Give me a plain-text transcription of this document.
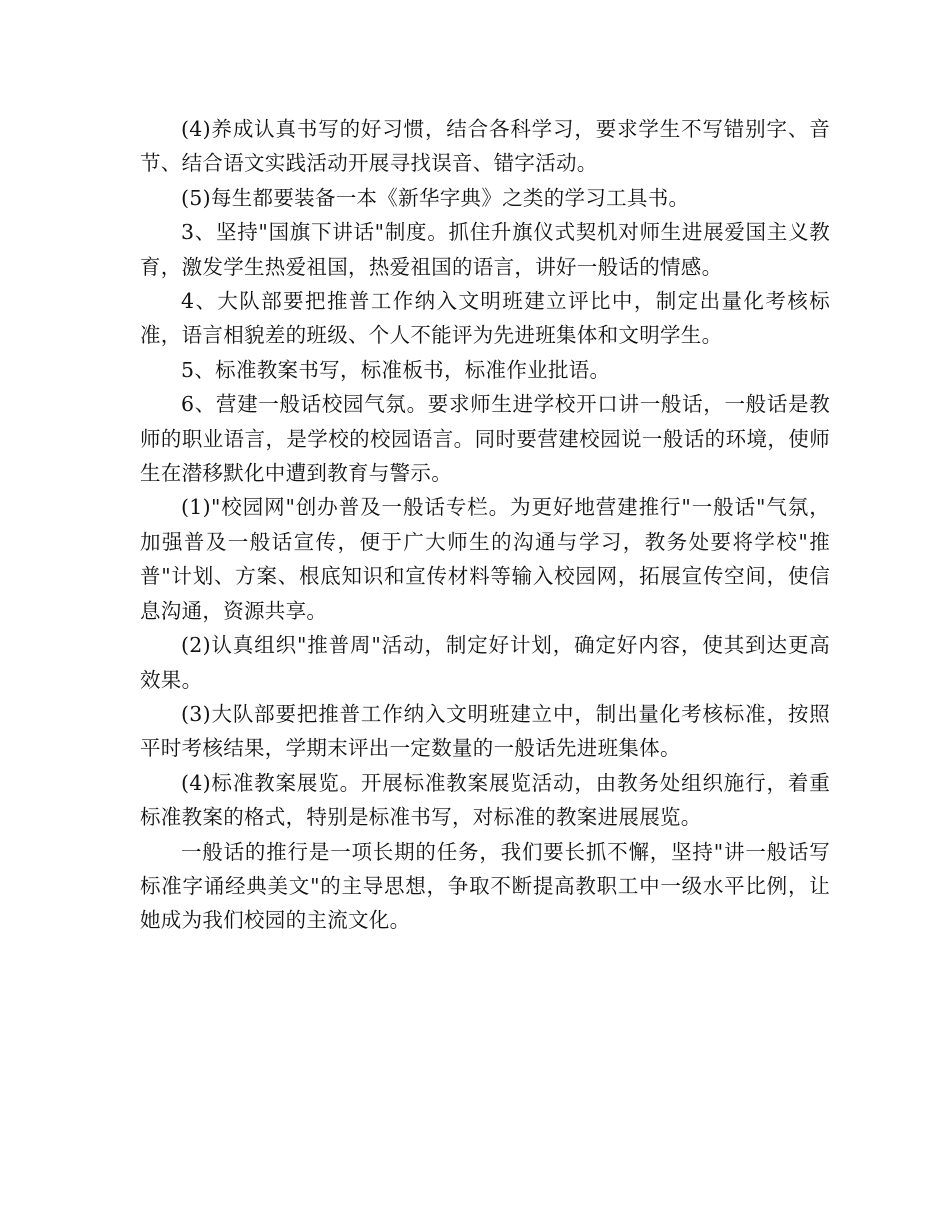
(4)养成认真书写的好习惯，结合各科学习，要求学生不写错别字、音节、结合语文实践活动开展寻找误音、错字活动。

(5)每生都要装备一本《新华字典》之类的学习工具书。

3、坚持"国旗下讲话"制度。抓住升旗仪式契机对师生进展爱国主义教育，激发学生热爱祖国，热爱祖国的语言，讲好一般话的情感。

4、大队部要把推普工作纳入文明班建立评比中，制定出量化考核标准，语言相貌差的班级、个人不能评为先进班集体和文明学生。

5、标准教案书写，标准板书，标准作业批语。

6、营建一般话校园气氛。要求师生进学校开口讲一般话，一般话是教师的职业语言，是学校的校园语言。同时要营建校园说一般话的环境，使师生在潜移默化中遭到教育与警示。

(1)"校园网"创办普及一般话专栏。为更好地营建推行"一般话"气氛，加强普及一般话宣传，便于广大师生的沟通与学习，教务处要将学校"推普"计划、方案、根底知识和宣传材料等输入校园网，拓展宣传空间，使信息沟通，资源共享。

(2)认真组织"推普周"活动，制定好计划，确定好内容，使其到达更高效果。

(3)大队部要把推普工作纳入文明班建立中，制出量化考核标准，按照平时考核结果，学期末评出一定数量的一般话先进班集体。

(4)标准教案展览。开展标准教案展览活动，由教务处组织施行，着重标准教案的格式，特别是标准书写，对标准的教案进展展览。

一般话的推行是一项长期的任务，我们要长抓不懈，坚持"讲一般话写标准字诵经典美文"的主导思想，争取不断提高教职工中一级水平比例，让她成为我们校园的主流文化。
